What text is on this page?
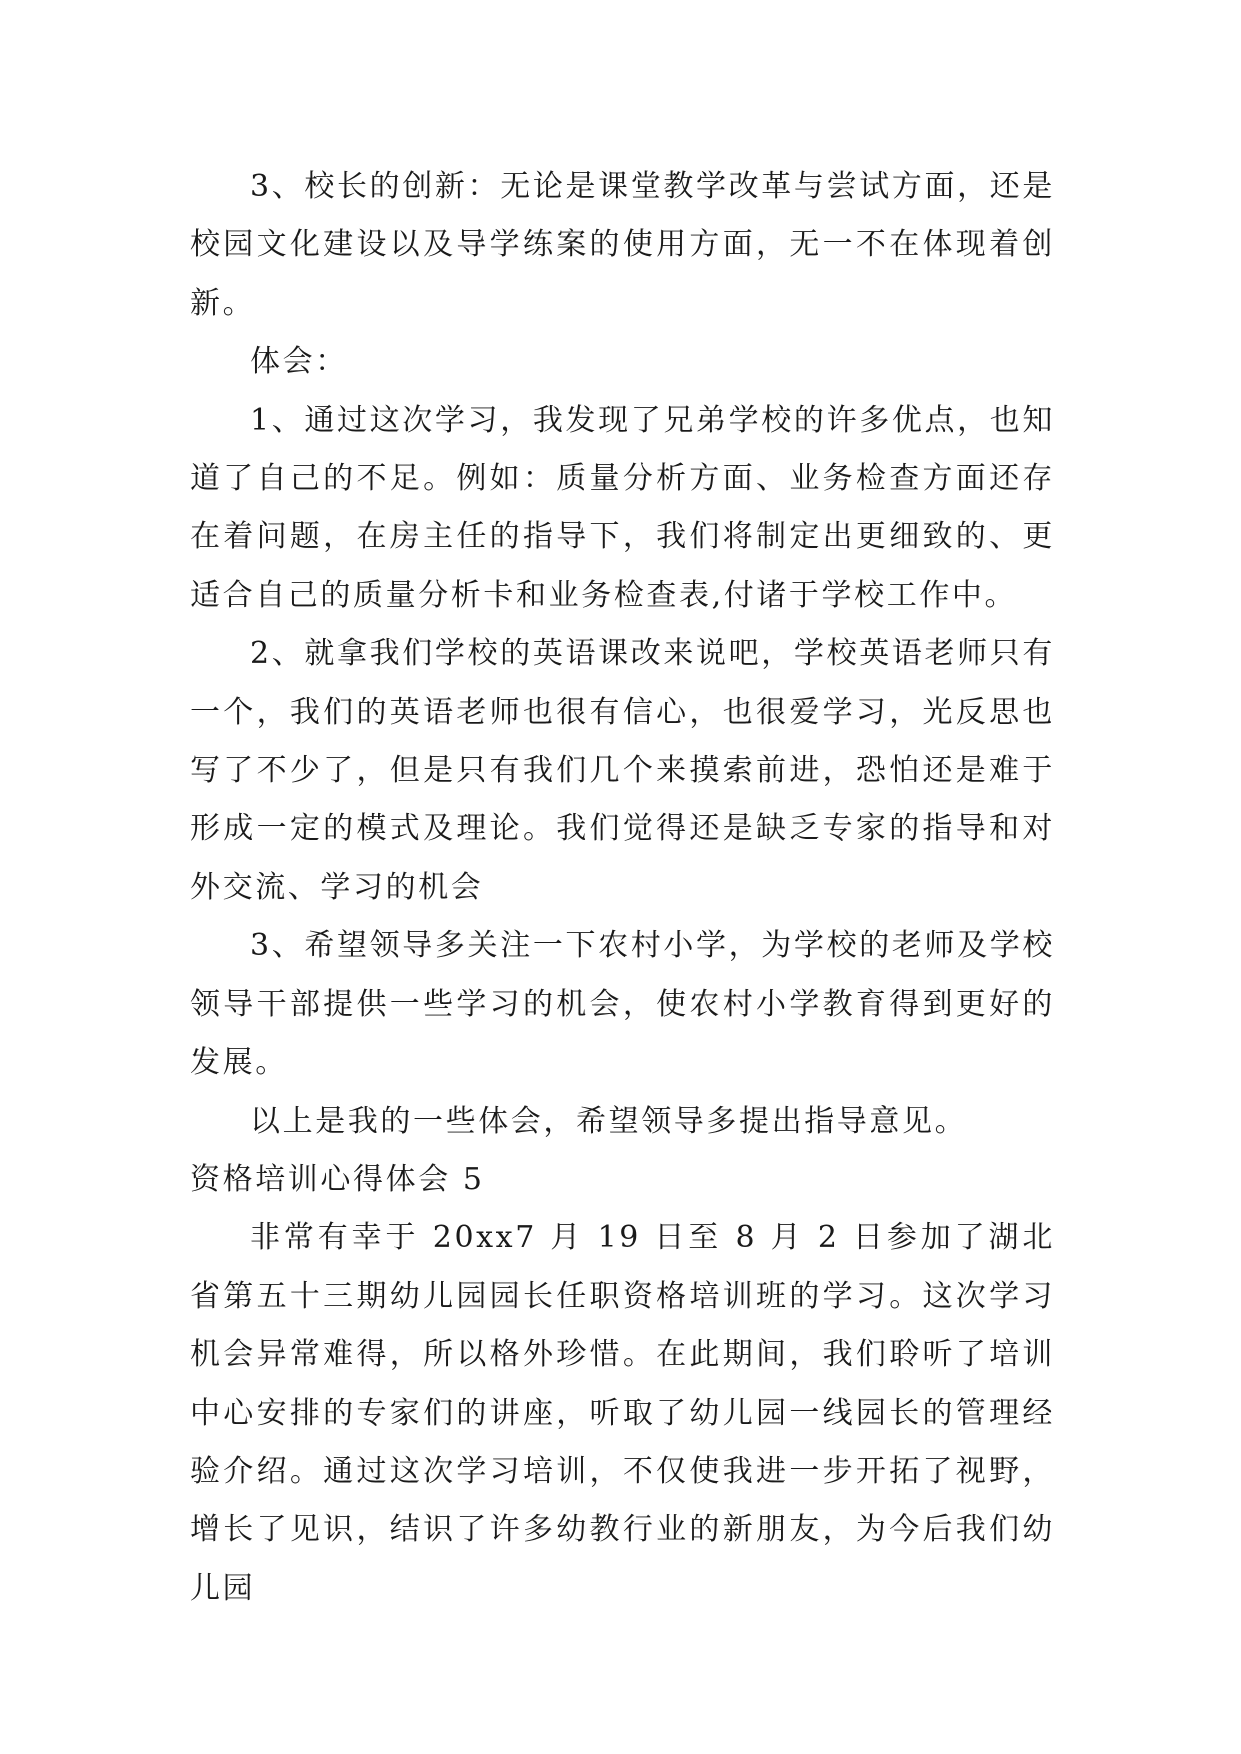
3、校长的创新：无论是课堂教学改革与尝试方面，还是校园文化建设以及导学练案的使用方面，无一不在体现着创新。

体会：

1、通过这次学习，我发现了兄弟学校的许多优点，也知道了自己的不足。例如：质量分析方面、业务检查方面还存在着问题，在房主任的指导下，我们将制定出更细致的、更适合自己的质量分析卡和业务检查表,付诸于学校工作中。

2、就拿我们学校的英语课改来说吧，学校英语老师只有一个，我们的英语老师也很有信心，也很爱学习，光反思也写了不少了，但是只有我们几个来摸索前进，恐怕还是难于形成一定的模式及理论。我们觉得还是缺乏专家的指导和对外交流、学习的机会

3、希望领导多关注一下农村小学，为学校的老师及学校领导干部提供一些学习的机会，使农村小学教育得到更好的发展。

以上是我的一些体会，希望领导多提出指导意见。

资格培训心得体会 5

非常有幸于 20xx7 月 19 日至 8 月 2 日参加了湖北省第五十三期幼儿园园长任职资格培训班的学习。这次学习机会异常难得，所以格外珍惜。在此期间，我们聆听了培训中心安排的专家们的讲座，听取了幼儿园一线园长的管理经验介绍。通过这次学习培训，不仅使我进一步开拓了视野，增长了见识，结识了许多幼教行业的新朋友，为今后我们幼儿园
